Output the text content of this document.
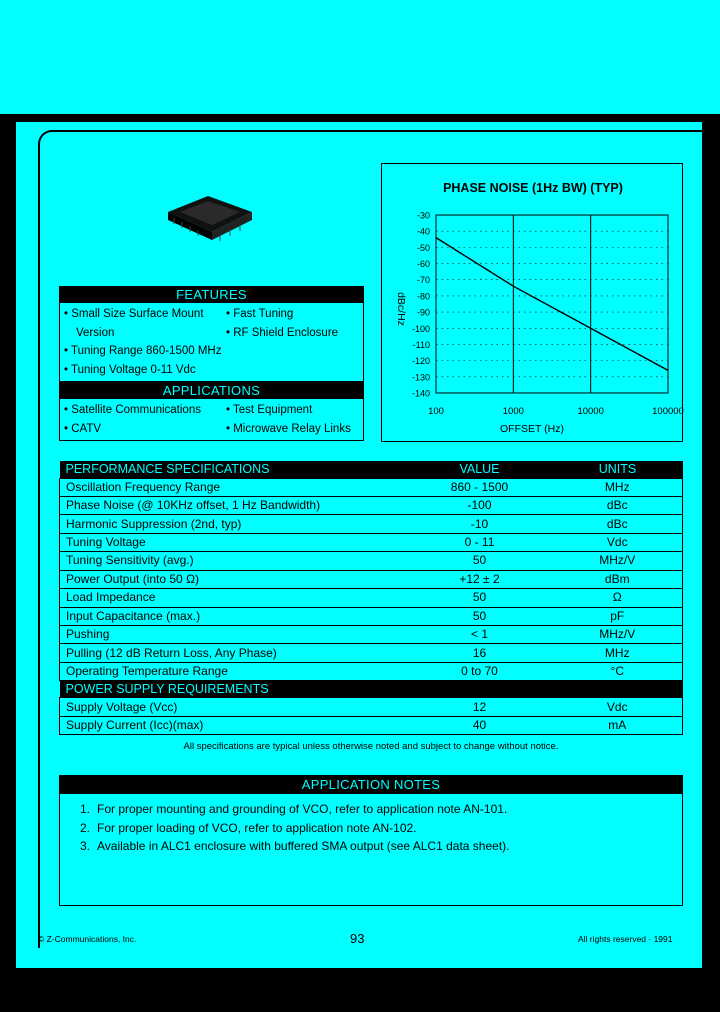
FEATURES
• Small Size Surface Mount
Version
• Tuning Range 860-1500 MHz
• Tuning Voltage 0-11 Vdc
• Fast Tuning
• RF Shield Enclosure
APPLICATIONS
• Satellite Communications
• CATV
• Test Equipment
• Microwave Relay Links
PHASE NOISE (1Hz BW) (TYP)
dBc/Hz
OFFSET (Hz)
-30
-40
-50
-60
-70
-80
-90
-100
-110
-120
-130
-140
100	1000	10000	100000
PERFORMANCE SPECIFICATIONS	VALUE	UNITS
Oscillation Frequency Range	860 - 1500	MHz
Phase Noise (@ 10KHz offset, 1 Hz Bandwidth)	-100	dBc
Harmonic Suppression (2nd, typ)	-10	dBc
Tuning Voltage	0 - 11	Vdc
Tuning Sensitivity (avg.)	50	MHz/V
Power Output (into 50 Ω)	+12 ± 2	dBm
Load Impedance	50	Ω
Input Capacitance (max.)	50	pF
Pushing	< 1	MHz/V
Pulling (12 dB Return Loss, Any Phase)	16	MHz
Operating Temperature Range	0 to 70	°C
POWER SUPPLY REQUIREMENTS		
Supply Voltage (Vcc)	12	Vdc
Supply Current (Icc)(max)	40	mA
All specifications are typical unless otherwise noted and subject to change without notice.
APPLICATION NOTES
1. For proper mounting and grounding of VCO, refer to application note AN-101.
2. For proper loading of VCO, refer to application note AN-102.
3. Available in ALC1 enclosure with buffered SMA output (see ALC1 data sheet).
© Z-Communications, Inc.	93	All rights reserved · 1991
